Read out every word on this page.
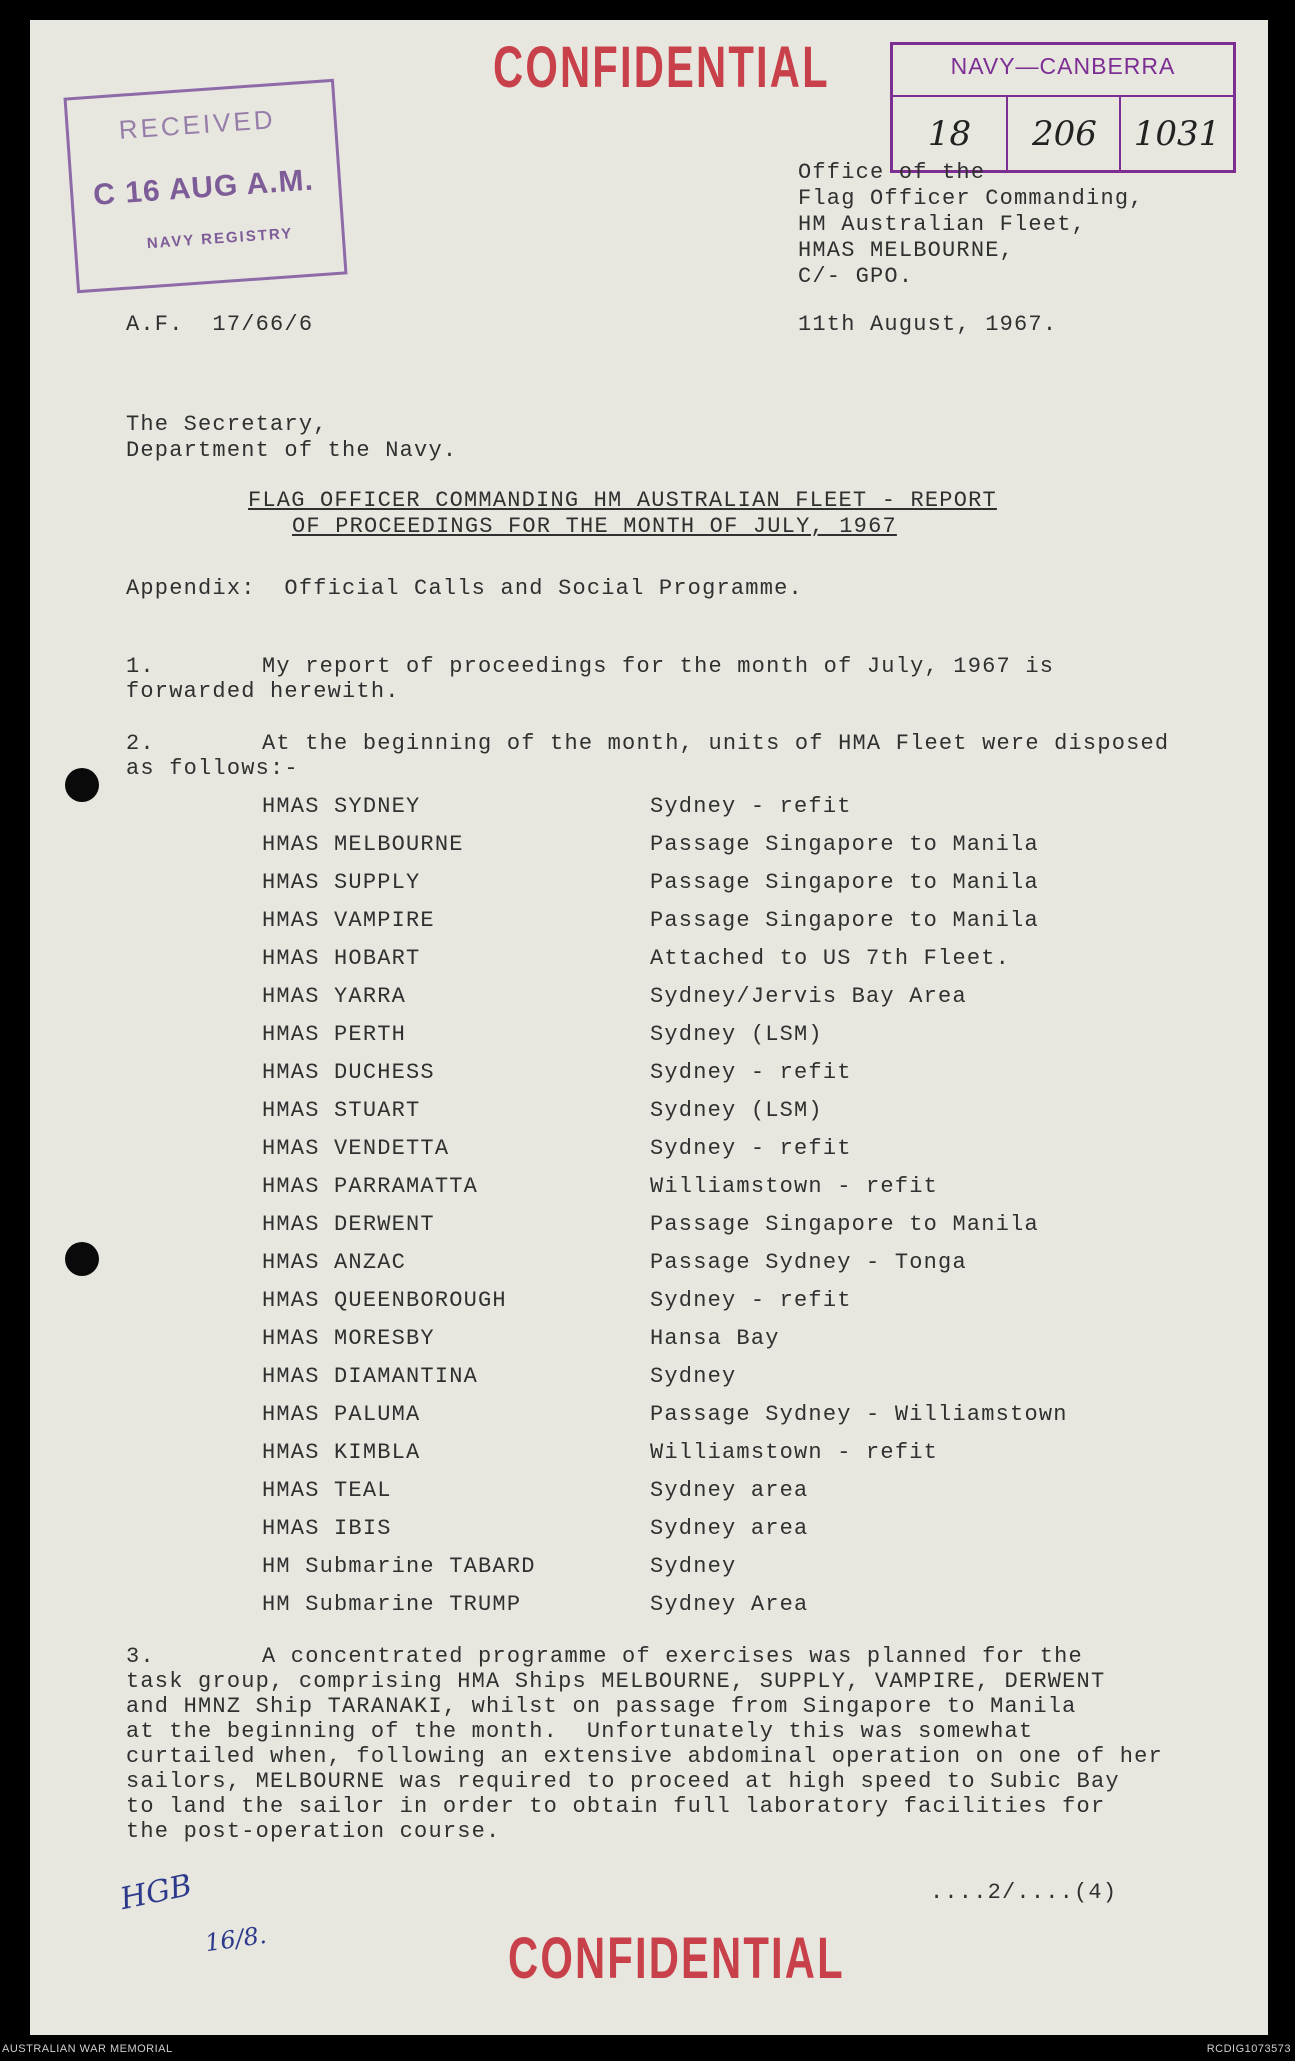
CONFIDENTIAL
RECEIVED
C 16 AUG A.M.
NAVY REGISTRY
NAVY—CANBERRA
18	206	1031
Office of the
Flag Officer Commanding,
HM Australian Fleet,
HMAS MELBOURNE,
C/- GPO.
A.F.  17/66/6	11th August, 1967.
The Secretary,
Department of the Navy.
FLAG OFFICER COMMANDING HM AUSTRALIAN FLEET - REPORT
OF PROCEEDINGS FOR THE MONTH OF JULY, 1967
Appendix:  Official Calls and Social Programme.
1.	My report of proceedings for the month of July, 1967 is
forwarded herewith.
2.	At the beginning of the month, units of HMA Fleet were disposed
as follows:-
HMAS SYDNEY	Sydney - refit
HMAS MELBOURNE	Passage Singapore to Manila
HMAS SUPPLY	Passage Singapore to Manila
HMAS VAMPIRE	Passage Singapore to Manila
HMAS HOBART	Attached to US 7th Fleet.
HMAS YARRA	Sydney/Jervis Bay Area
HMAS PERTH	Sydney (LSM)
HMAS DUCHESS	Sydney - refit
HMAS STUART	Sydney (LSM)
HMAS VENDETTA	Sydney - refit
HMAS PARRAMATTA	Williamstown - refit
HMAS DERWENT	Passage Singapore to Manila
HMAS ANZAC	Passage Sydney - Tonga
HMAS QUEENBOROUGH	Sydney - refit
HMAS MORESBY	Hansa Bay
HMAS DIAMANTINA	Sydney
HMAS PALUMA	Passage Sydney - Williamstown
HMAS KIMBLA	Williamstown - refit
HMAS TEAL	Sydney area
HMAS IBIS	Sydney area
HM Submarine TABARD	Sydney
HM Submarine TRUMP	Sydney Area
3.	A concentrated programme of exercises was planned for the
task group, comprising HMA Ships MELBOURNE, SUPPLY, VAMPIRE, DERWENT
and HMNZ Ship TARANAKI, whilst on passage from Singapore to Manila
at the beginning of the month.  Unfortunately this was somewhat
curtailed when, following an extensive abdominal operation on one of her
sailors, MELBOURNE was required to proceed at high speed to Subic Bay
to land the sailor in order to obtain full laboratory facilities for
the post-operation course.
....2/....(4)
HGB
16/8.	CONFIDENTIAL
AUSTRALIAN WAR MEMORIAL	RCDIG1073573
